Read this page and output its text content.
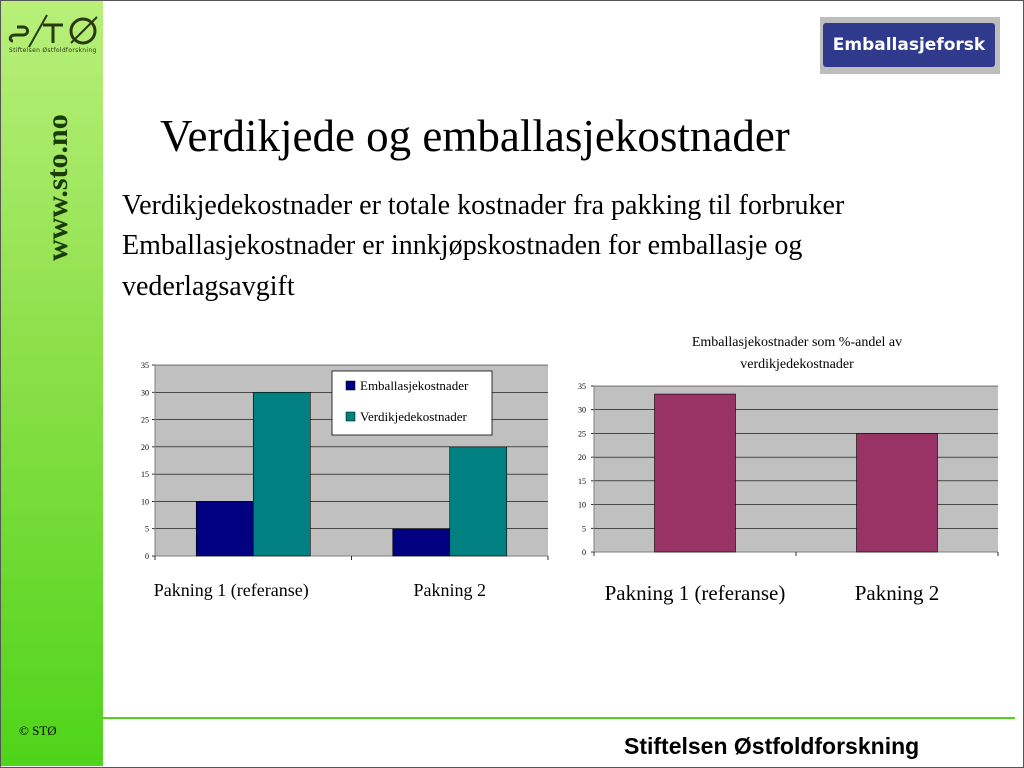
Stiftelsen Østfoldforskning
www.sto.no
© STØ
Emballasjeforsk
Verdikjede og emballasjekostnader
Verdikjedekostnader er totale kostnader fra pakking til forbruker
Emballasjekostnader er innkjøpskostnaden for emballasje og
vederlagsavgift
0
5
10
15
20
25
30
35
Pakning 1 (referanse)	Pakning 2
Emballasjekostnader
Verdikjedekostnader
Emballasjekostnader som %-andel av
verdikjedekostnader
0
5
10
15
20
25
30
35
Pakning 1 (referanse)	Pakning 2
Stiftelsen Østfoldforskning
